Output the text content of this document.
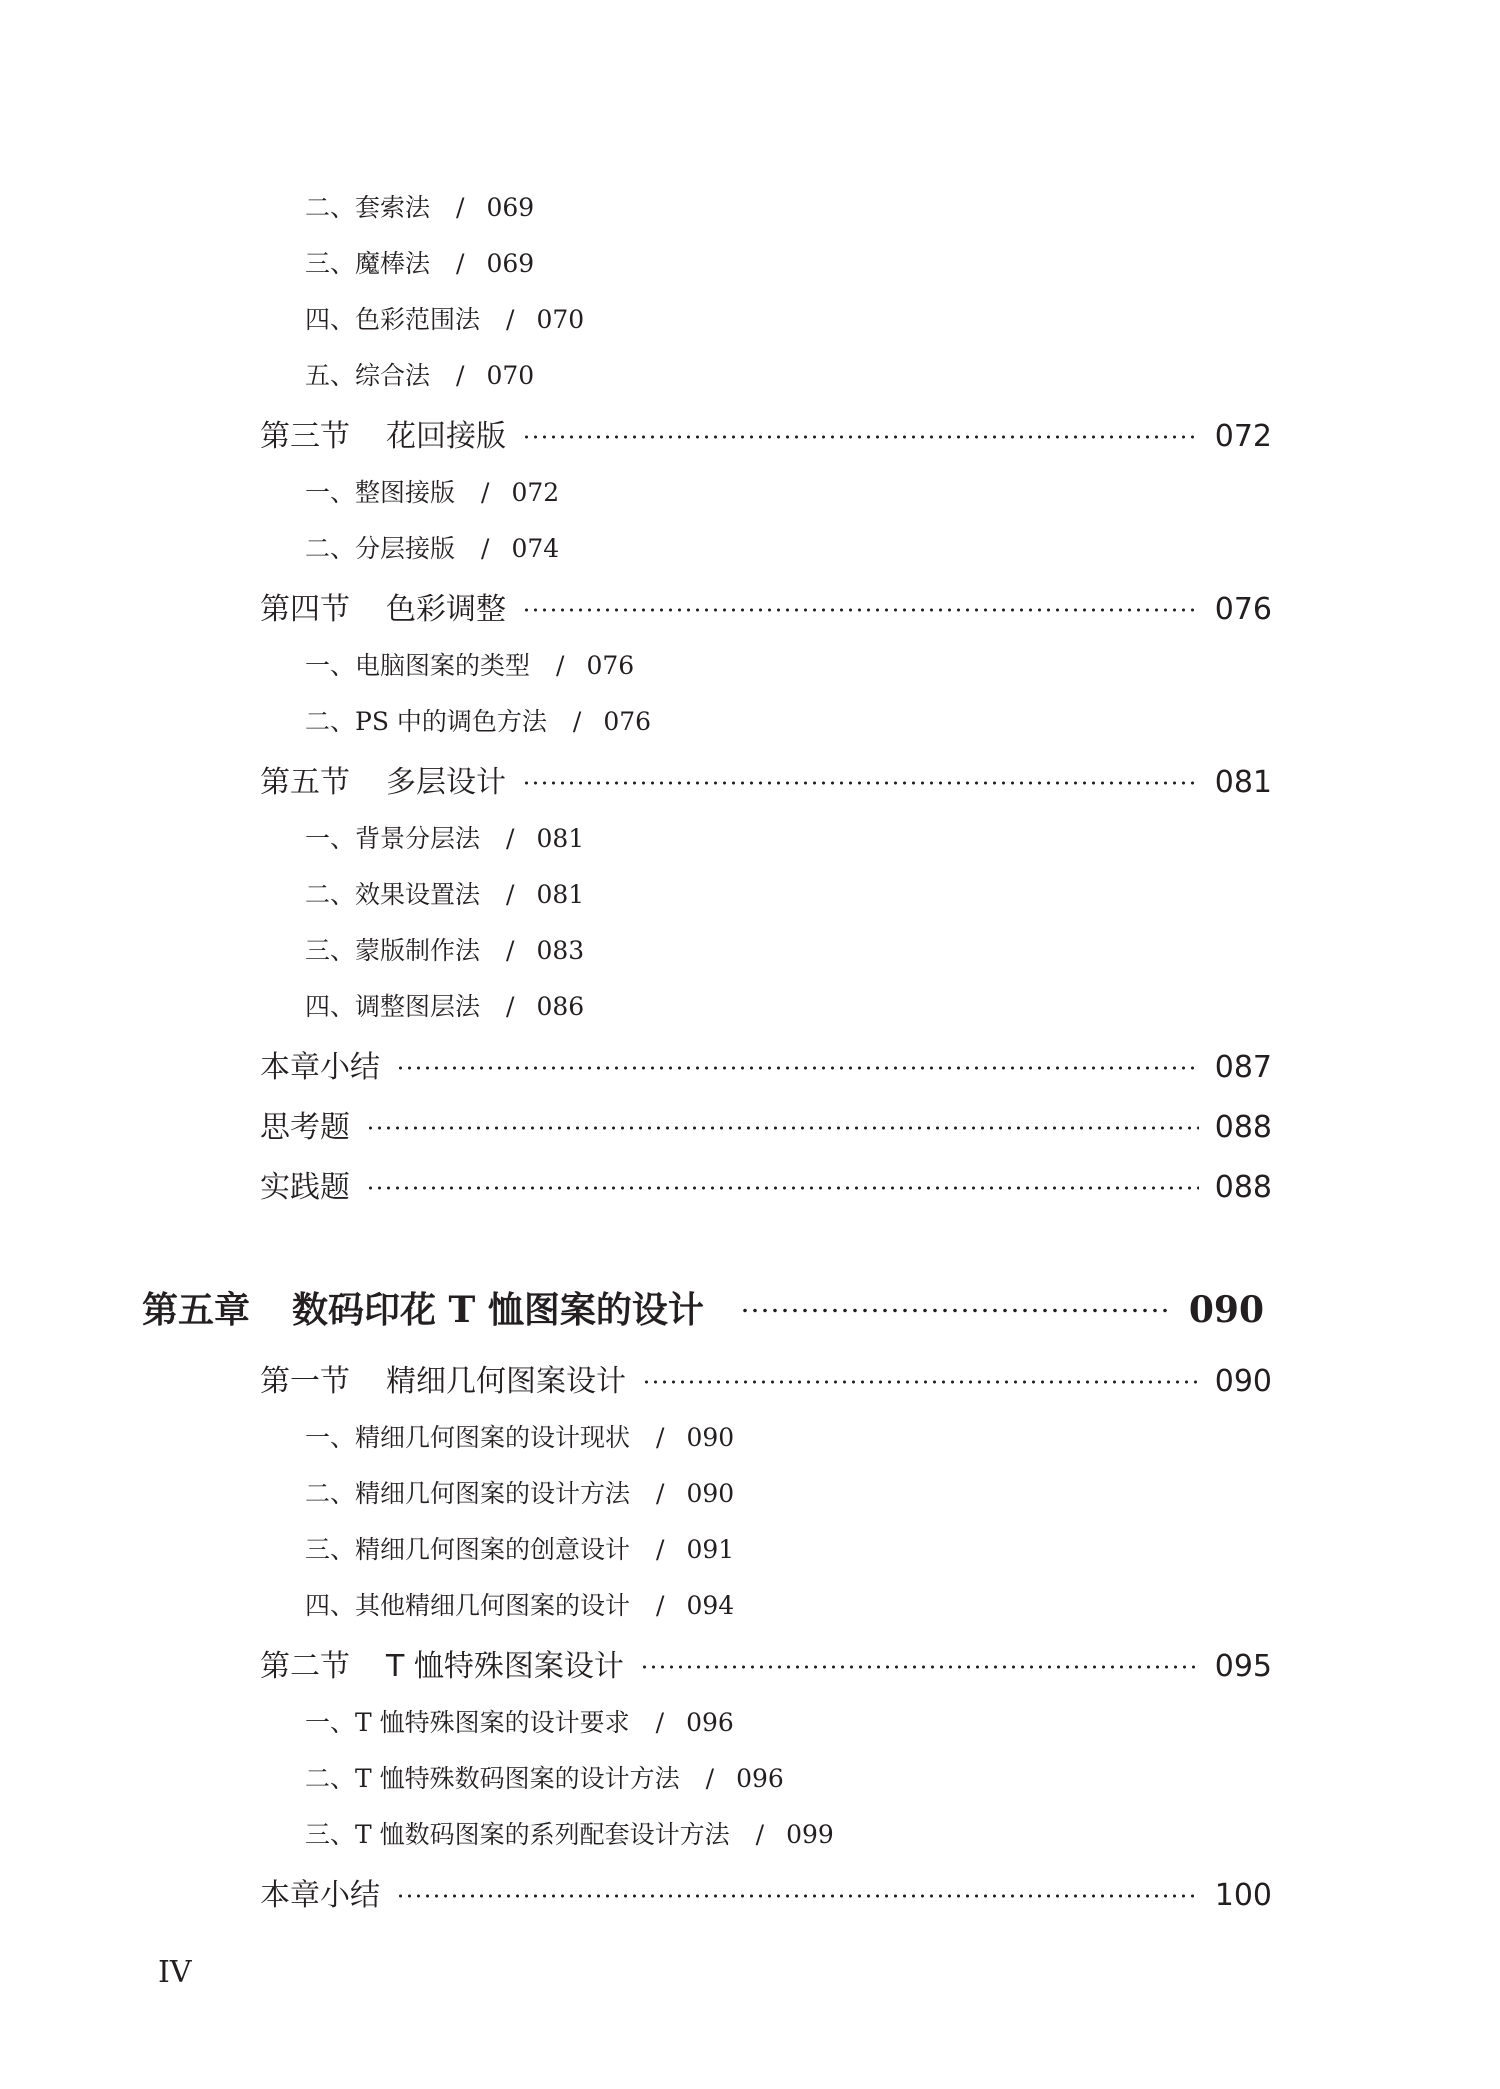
二、套索法 / 069
三、魔棒法 / 069
四、色彩范围法 / 070
五、综合法 / 070
第三节 花回接版	072
一、整图接版 / 072
二、分层接版 / 074
第四节 色彩调整	076
一、电脑图案的类型 / 076
二、PS 中的调色方法 / 076
第五节 多层设计	081
一、背景分层法 / 081
二、效果设置法 / 081
三、蒙版制作法 / 083
四、调整图层法 / 086
本章小结	087
思考题	088
实践题	088
第五章 数码印花 T 恤图案的设计	090
第一节 精细几何图案设计	090
一、精细几何图案的设计现状 / 090
二、精细几何图案的设计方法 / 090
三、精细几何图案的创意设计 / 091
四、其他精细几何图案的设计 / 094
第二节 T 恤特殊图案设计	095
一、T 恤特殊图案的设计要求 / 096
二、T 恤特殊数码图案的设计方法 / 096
三、T 恤数码图案的系列配套设计方法 / 099
本章小结	100
IV
